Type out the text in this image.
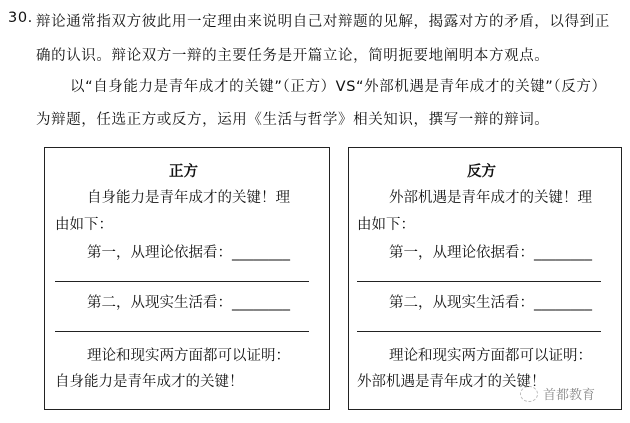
30. 辩论通常指双方彼此用一定理由来说明自己对辩题的见解，揭露对方的矛盾，以得到正
确的认识。辩论双方一辩的主要任务是开篇立论，简明扼要地阐明本方观点。
以“自身能力是青年成才的关键”（正方）VS“外部机遇是青年成才的关键”（反方）
为辩题，任选正方或反方，运用《生活与哲学》相关知识，撰写一辩的辩词。
正方
自身能力是青年成才的关键！理
由如下：
第一，从理论依据看：________
第二，从现实生活看：________
理论和现实两方面都可以证明：
自身能力是青年成才的关键！
反方
外部机遇是青年成才的关键！理
由如下：
第一，从理论依据看：________
第二，从现实生活看：________
理论和现实两方面都可以证明：
外部机遇是青年成才的关键！
首都教育
